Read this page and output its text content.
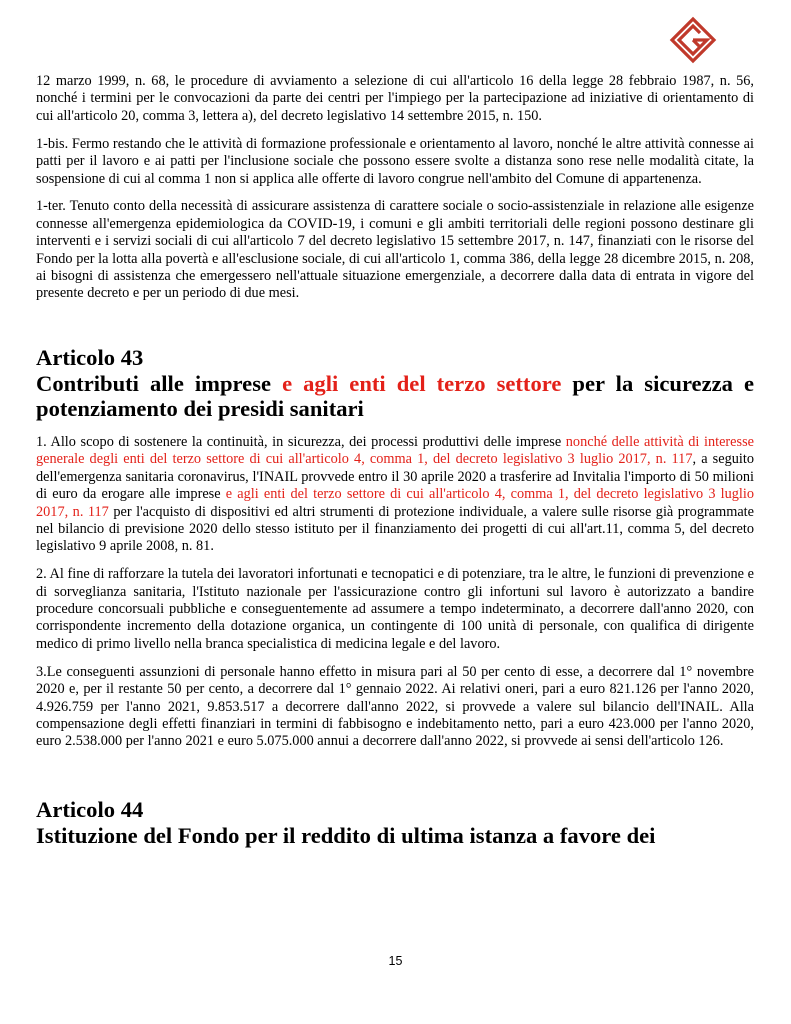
12 marzo 1999, n. 68, le procedure di avviamento a selezione di cui all'articolo 16 della legge 28 febbraio 1987, n. 56, nonché i termini per le convocazioni da parte dei centri per l'impiego per la partecipazione ad iniziative di orientamento di cui all'articolo 20, comma 3, lettera a), del decreto legislativo 14 settembre 2015, n. 150.

1-bis. Fermo restando che le attività di formazione professionale e orientamento al lavoro, nonché le altre attività connesse ai patti per il lavoro e ai patti per l'inclusione sociale che possono essere svolte a distanza sono rese nelle modalità citate, la sospensione di cui al comma 1 non si applica alle offerte di lavoro congrue nell'ambito del Comune di appartenenza.

1-ter. Tenuto conto della necessità di assicurare assistenza di carattere sociale o socio-assistenziale in relazione alle esigenze connesse all'emergenza epidemiologica da COVID-19, i comuni e gli ambiti territoriali delle regioni possono destinare gli interventi e i servizi sociali di cui all'articolo 7 del decreto legislativo 15 settembre 2017, n. 147, finanziati con le risorse del Fondo per la lotta alla povertà e all'esclusione sociale, di cui all'articolo 1, comma 386, della legge 28 dicembre 2015, n. 208, ai bisogni di assistenza che emergessero nell'attuale situazione emergenziale, a decorrere dalla data di entrata in vigore del presente decreto e per un periodo di due mesi.

Articolo 43
Contributi alle imprese e agli enti del terzo settore per la sicurezza e potenziamento dei presidi sanitari

1. Allo scopo di sostenere la continuità, in sicurezza, dei processi produttivi delle imprese nonché delle attività di interesse generale degli enti del terzo settore di cui all'articolo 4, comma 1, del decreto legislativo 3 luglio 2017, n. 117, a seguito dell'emergenza sanitaria coronavirus, l'INAIL provvede entro il 30 aprile 2020 a trasferire ad Invitalia l'importo di 50 milioni di euro da erogare alle imprese e agli enti del terzo settore di cui all'articolo 4, comma 1, del decreto legislativo 3 luglio 2017, n. 117 per l'acquisto di dispositivi ed altri strumenti di protezione individuale, a valere sulle risorse già programmate nel bilancio di previsione 2020 dello stesso istituto per il finanziamento dei progetti di cui all'art.11, comma 5, del decreto legislativo 9 aprile 2008, n. 81.

2. Al fine di rafforzare la tutela dei lavoratori infortunati e tecnopatici e di potenziare, tra le altre, le funzioni di prevenzione e di sorveglianza sanitaria, l'Istituto nazionale per l'assicurazione contro gli infortuni sul lavoro è autorizzato a bandire procedure concorsuali pubbliche e conseguentemente ad assumere a tempo indeterminato, a decorrere dall'anno 2020, con corrispondente incremento della dotazione organica, un contingente di 100 unità di personale, con qualifica di dirigente medico di primo livello nella branca specialistica di medicina legale e del lavoro.

3.Le conseguenti assunzioni di personale hanno effetto in misura pari al 50 per cento di esse, a decorrere dal 1° novembre 2020 e, per il restante 50 per cento, a decorrere dal 1° gennaio 2022. Ai relativi oneri, pari a euro 821.126 per l'anno 2020, 4.926.759 per l'anno 2021, 9.853.517 a decorrere dall'anno 2022, si provvede a valere sul bilancio dell'INAIL. Alla compensazione degli effetti finanziari in termini di fabbisogno e indebitamento netto, pari a euro 423.000 per l'anno 2020, euro 2.538.000 per l'anno 2021 e euro 5.075.000 annui a decorrere dall'anno 2022, si provvede ai sensi dell'articolo 126.

Articolo 44
Istituzione del Fondo per il reddito di ultima istanza a favore dei
15
